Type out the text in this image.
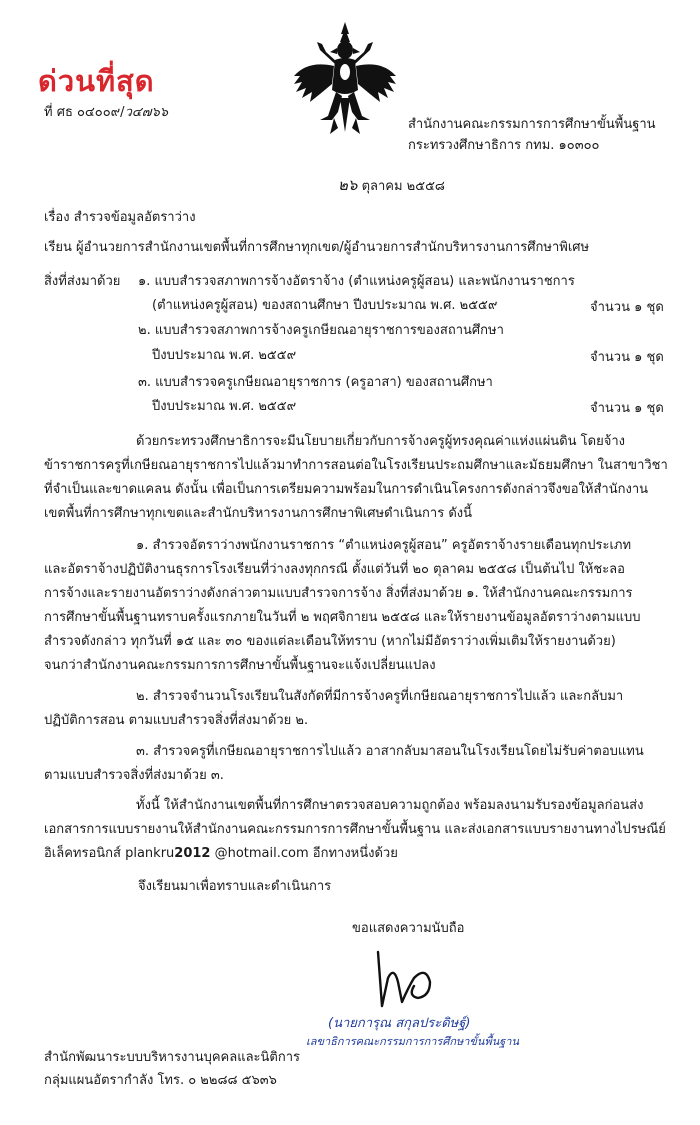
ด่วนที่สุด
ที่ ศธ ๐๔๐๐๙/ว๔๗๖๖
สำนักงานคณะกรรมการการศึกษาขั้นพื้นฐาน
กระทรวงศึกษาธิการ กทม. ๑๐๓๐๐
๒๖ ตุลาคม ๒๕๕๘
เรื่อง สำรวจข้อมูลอัตราว่าง
เรียน ผู้อำนวยการสำนักงานเขตพื้นที่การศึกษาทุกเขต/ผู้อำนวยการสำนักบริหารงานการศึกษาพิเศษ
สิ่งที่ส่งมาด้วย ๑. แบบสำรวจสภาพการจ้างอัตราจ้าง (ตำแหน่งครูผู้สอน) และพนักงานราชการ
(ตำแหน่งครูผู้สอน) ของสถานศึกษา ปีงบประมาณ พ.ศ. ๒๕๕๙	จำนวน ๑ ชุด
๒. แบบสำรวจสภาพการจ้างครูเกษียณอายุราชการของสถานศึกษา
ปีงบประมาณ พ.ศ. ๒๕๕๙	จำนวน ๑ ชุด
๓. แบบสำรวจครูเกษียณอายุราชการ (ครูอาสา) ของสถานศึกษา
ปีงบประมาณ พ.ศ. ๒๕๕๙	จำนวน ๑ ชุด
ด้วยกระทรวงศึกษาธิการจะมีนโยบายเกี่ยวกับการจ้างครูผู้ทรงคุณค่าแห่งแผ่นดิน โดยจ้าง
ข้าราชการครูที่เกษียณอายุราชการไปแล้วมาทำการสอนต่อในโรงเรียนประถมศึกษาและมัธยมศึกษา ในสาขาวิชา
ที่จำเป็นและขาดแคลน ดังนั้น เพื่อเป็นการเตรียมความพร้อมในการดำเนินโครงการดังกล่าวจึงขอให้สำนักงาน
เขตพื้นที่การศึกษาทุกเขตและสำนักบริหารงานการศึกษาพิเศษดำเนินการ ดังนี้
๑. สำรวจอัตราว่างพนักงานราชการ “ตำแหน่งครูผู้สอน” ครูอัตราจ้างรายเดือนทุกประเภท
และอัตราจ้างปฏิบัติงานธุรการโรงเรียนที่ว่างลงทุกกรณี ตั้งแต่วันที่ ๒๐ ตุลาคม ๒๕๕๘ เป็นต้นไป ให้ชะลอ
การจ้างและรายงานอัตราว่างดังกล่าวตามแบบสำรวจการจ้าง สิ่งที่ส่งมาด้วย ๑. ให้สำนักงานคณะกรรมการ
การศึกษาขั้นพื้นฐานทราบครั้งแรกภายในวันที่ ๒ พฤศจิกายน ๒๕๕๘ และให้รายงานข้อมูลอัตราว่างตามแบบ
สำรวจดังกล่าว ทุกวันที่ ๑๕ และ ๓๐ ของแต่ละเดือนให้ทราบ (หากไม่มีอัตราว่างเพิ่มเติมให้รายงานด้วย)
จนกว่าสำนักงานคณะกรรมการการศึกษาขั้นพื้นฐานจะแจ้งเปลี่ยนแปลง
๒. สำรวจจำนวนโรงเรียนในสังกัดที่มีการจ้างครูที่เกษียณอายุราชการไปแล้ว และกลับมา
ปฏิบัติการสอน ตามแบบสำรวจสิ่งที่ส่งมาด้วย ๒.
๓. สำรวจครูที่เกษียณอายุราชการไปแล้ว อาสากลับมาสอนในโรงเรียนโดยไม่รับค่าตอบแทน
ตามแบบสำรวจสิ่งที่ส่งมาด้วย ๓.
ทั้งนี้ ให้สำนักงานเขตพื้นที่การศึกษาตรวจสอบความถูกต้อง พร้อมลงนามรับรองข้อมูลก่อนส่ง
เอกสารการแบบรายงานให้สำนักงานคณะกรรมการการศึกษาขั้นพื้นฐาน และส่งเอกสารแบบรายงานทางไปรษณีย์
อิเล็คทรอนิกส์ plankru2012 @hotmail.com อีกทางหนึ่งด้วย
จึงเรียนมาเพื่อทราบและดำเนินการ
ขอแสดงความนับถือ
(นายการุณ สกุลประดิษฐ์)
เลขาธิการคณะกรรมการการศึกษาขั้นพื้นฐาน
สำนักพัฒนาระบบบริหารงานบุคคลและนิติการ
กลุ่มแผนอัตรากำลัง โทร. ๐ ๒๒๘๘ ๕๖๓๖
